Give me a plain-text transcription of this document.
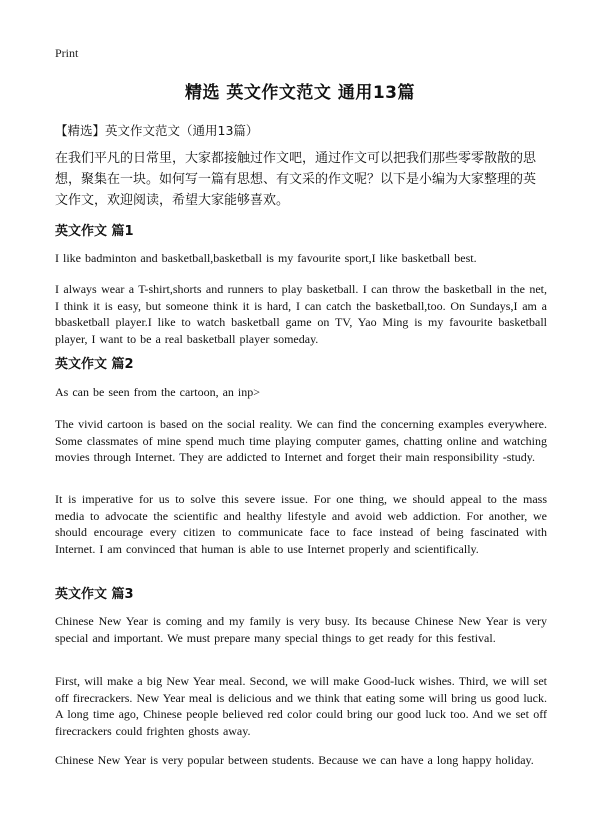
Print
精选 英文作文范文 通用13篇

【精选】英文作文范文（通用13篇）

在我们平凡的日常里，大家都接触过作文吧，通过作文可以把我们那些零零散散的思想，聚集在一块。如何写一篇有思想、有文采的作文呢？以下是小编为大家整理的英文作文，欢迎阅读，希望大家能够喜欢。

英文作文 篇1

I like badminton and basketball,basketball is my favourite sport,I like basketball best.

I always wear a T-shirt,shorts and runners to play basketball. I can throw the basketball in the net, I think it is easy, but someone think it is hard, I can catch the basketball,too. On Sundays,I am a bbasketball player.I like to watch basketball game on TV, Yao Ming is my favourite basketball player, I want to be a real basketball player someday.

英文作文 篇2

As can be seen from the cartoon, an inp>

The vivid cartoon is based on the social reality. We can find the concerning examples everywhere. Some classmates of mine spend much time playing computer games, chatting online and watching movies through Internet. They are addicted to Internet and forget their main responsibility -study.

It is imperative for us to solve this severe issue. For one thing, we should appeal to the mass media to advocate the scientific and healthy lifestyle and avoid web addiction. For another, we should encourage every citizen to communicate face to face instead of being fascinated with Internet. I am convinced that human is able to use Internet properly and scientifically.

英文作文 篇3

Chinese New Year is coming and my family is very busy. Its because Chinese New Year is very special and important. We must prepare many special things to get ready for this festival.

First, will make a big New Year meal. Second, we will make Good-luck wishes. Third, we will set off firecrackers. New Year meal is delicious and we think that eating some will bring us good luck. A long time ago, Chinese people believed red color could bring our good luck too. And we set off firecrackers could frighten ghosts away.

Chinese New Year is very popular between students. Because we can have a long happy holiday.
